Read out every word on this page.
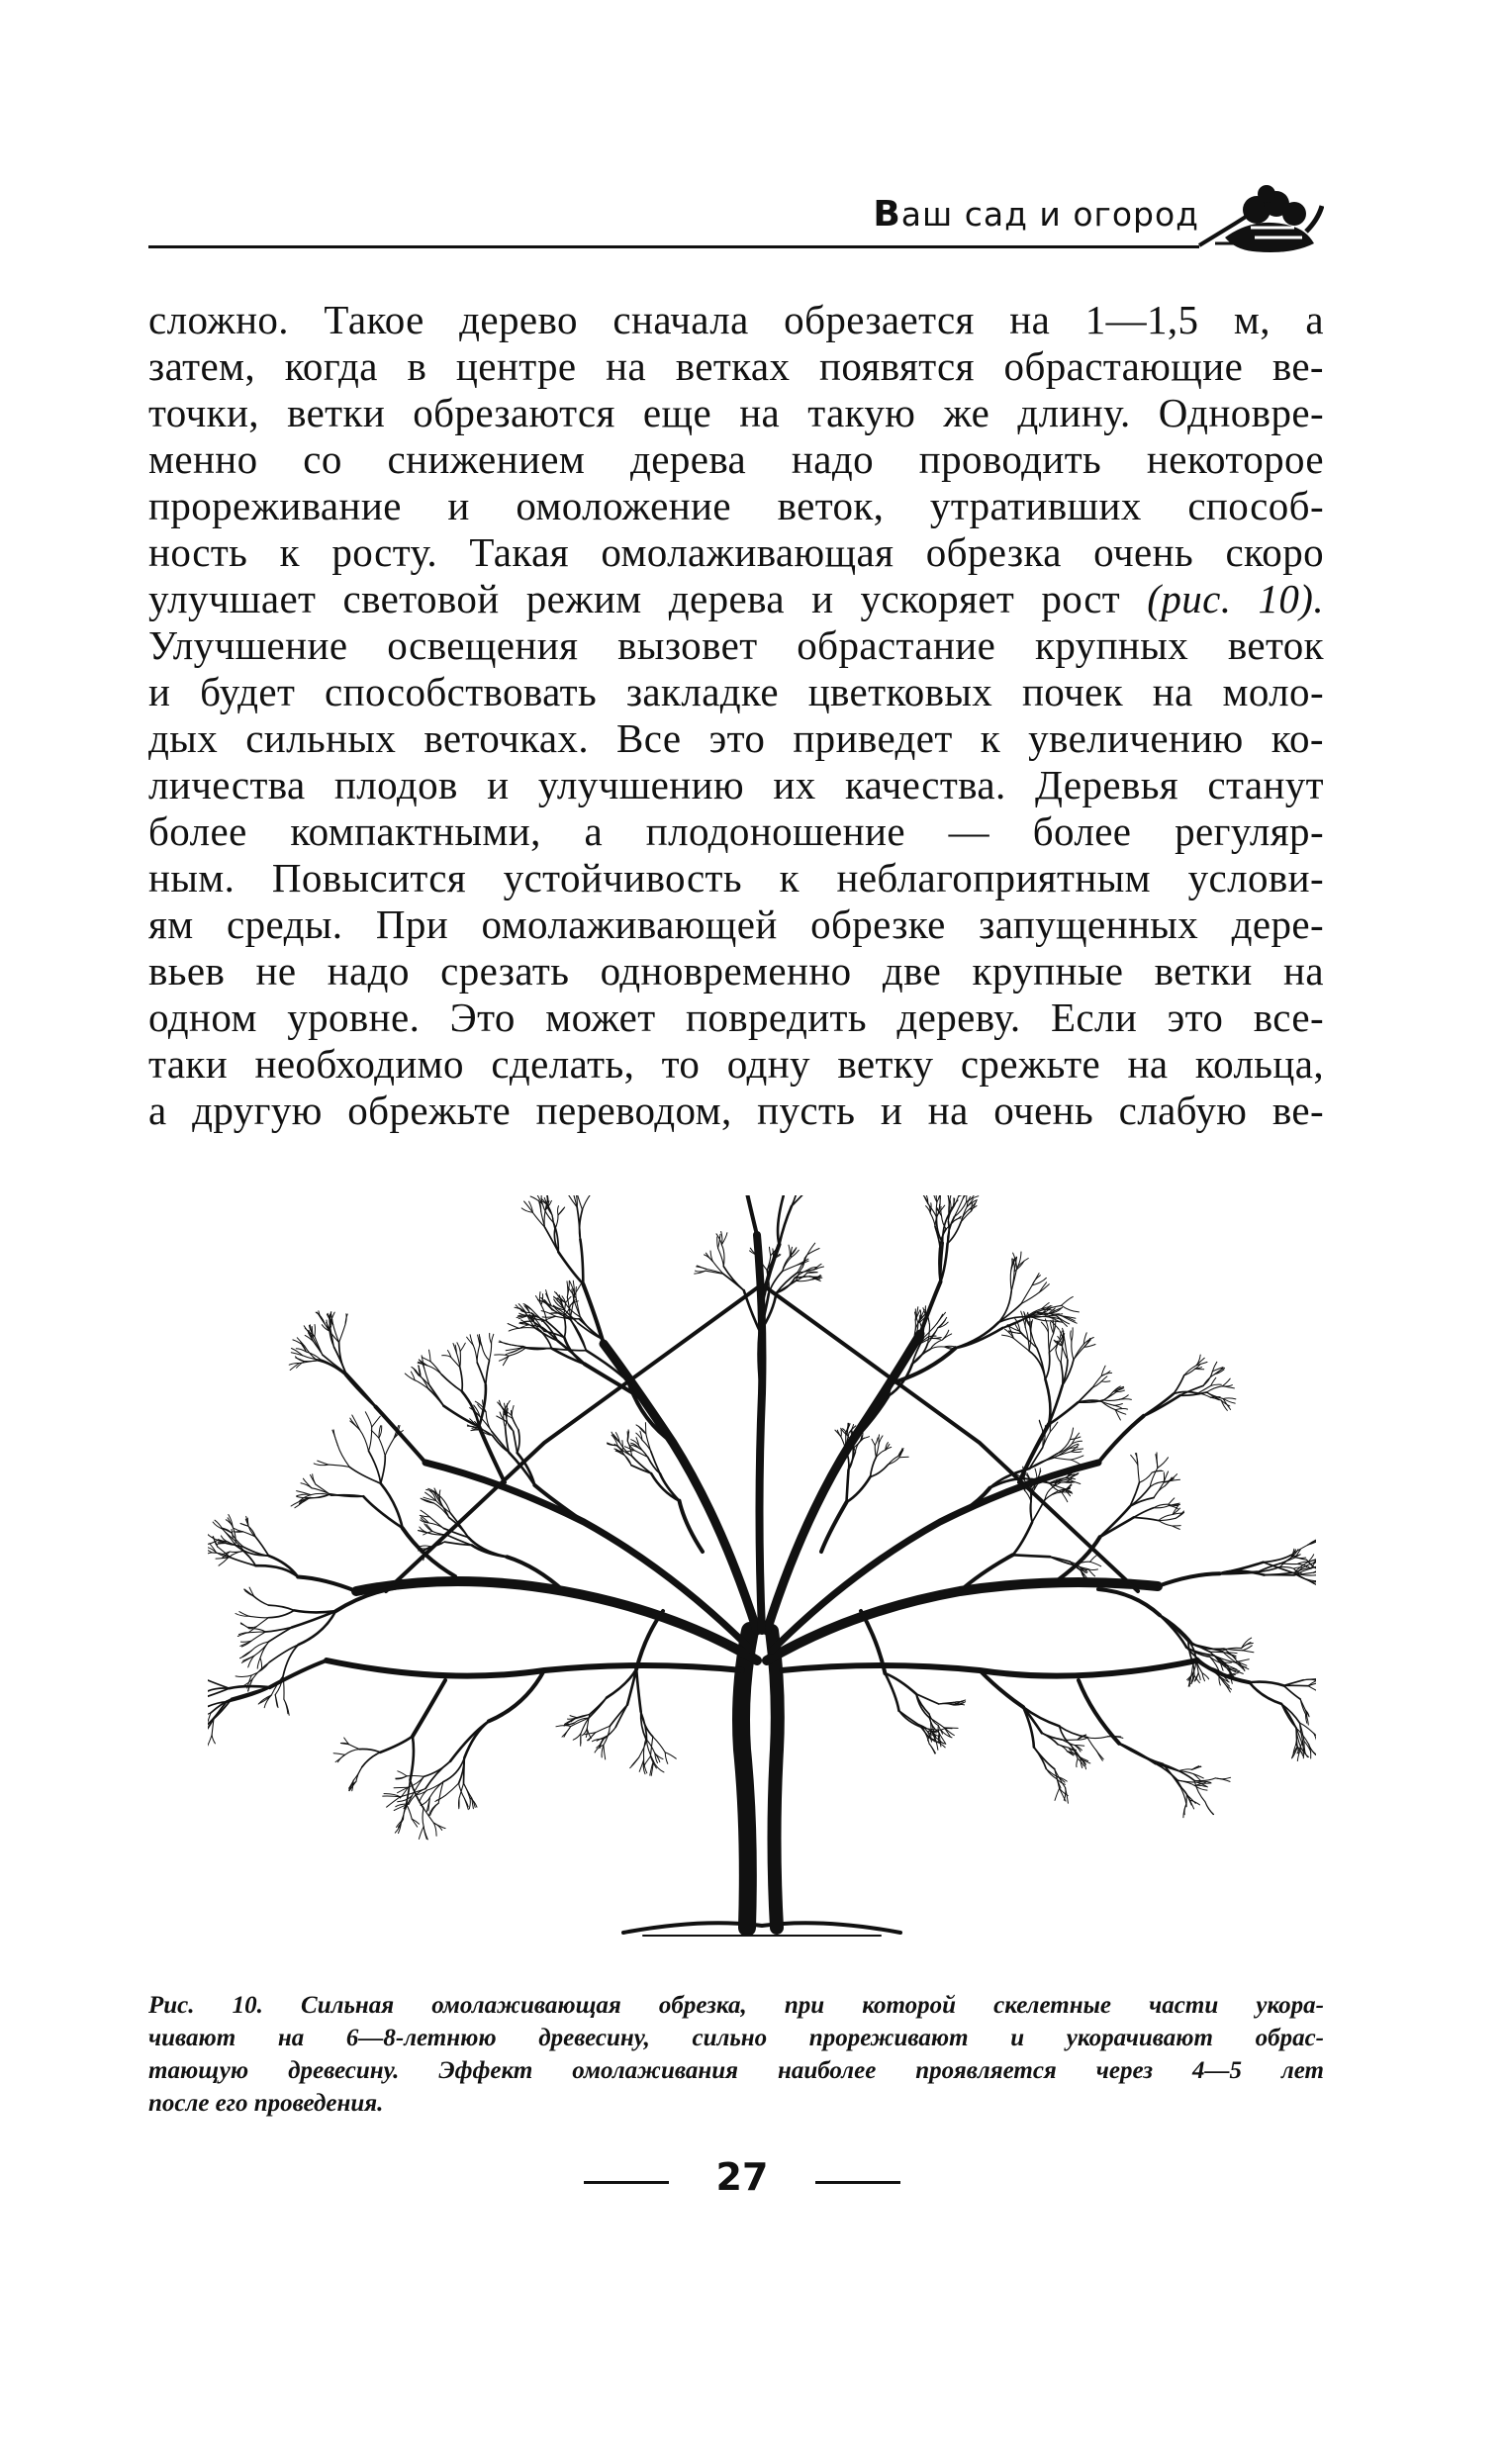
Ваш сад и огород
сложно. Такое дерево сначала обрезается на 1—1,5 м, а
затем, когда в центре на ветках появятся обрастающие ве-
точки, ветки обрезаются еще на такую же длину. Одновре-
менно со снижением дерева надо проводить некоторое
прореживание и омоложение веток, утративших способ-
ность к росту. Такая омолаживающая обрезка очень скоро
улучшает световой режим дерева и ускоряет рост (рис. 10).
Улучшение освещения вызовет обрастание крупных веток
и будет способствовать закладке цветковых почек на моло-
дых сильных веточках. Все это приведет к увеличению ко-
личества плодов и улучшению их качества. Деревья станут
более компактными, а плодоношение — более регуляр-
ным. Повысится устойчивость к неблагоприятным услови-
ям среды. При омолаживающей обрезке запущенных дере-
вьев не надо срезать одновременно две крупные ветки на
одном уровне. Это может повредить дереву. Если это все-
таки необходимо сделать, то одну ветку срежьте на кольца,
а другую обрежьте переводом, пусть и на очень слабую ве-
Рис. 10. Сильная омолаживающая обрезка, при которой скелетные части укора-
чивают на 6—8-летнюю древесину, сильно прореживают и укорачивают обрас-
тающую древесину. Эффект омолаживания наиболее проявляется через 4—5 лет
после его проведения.
27
